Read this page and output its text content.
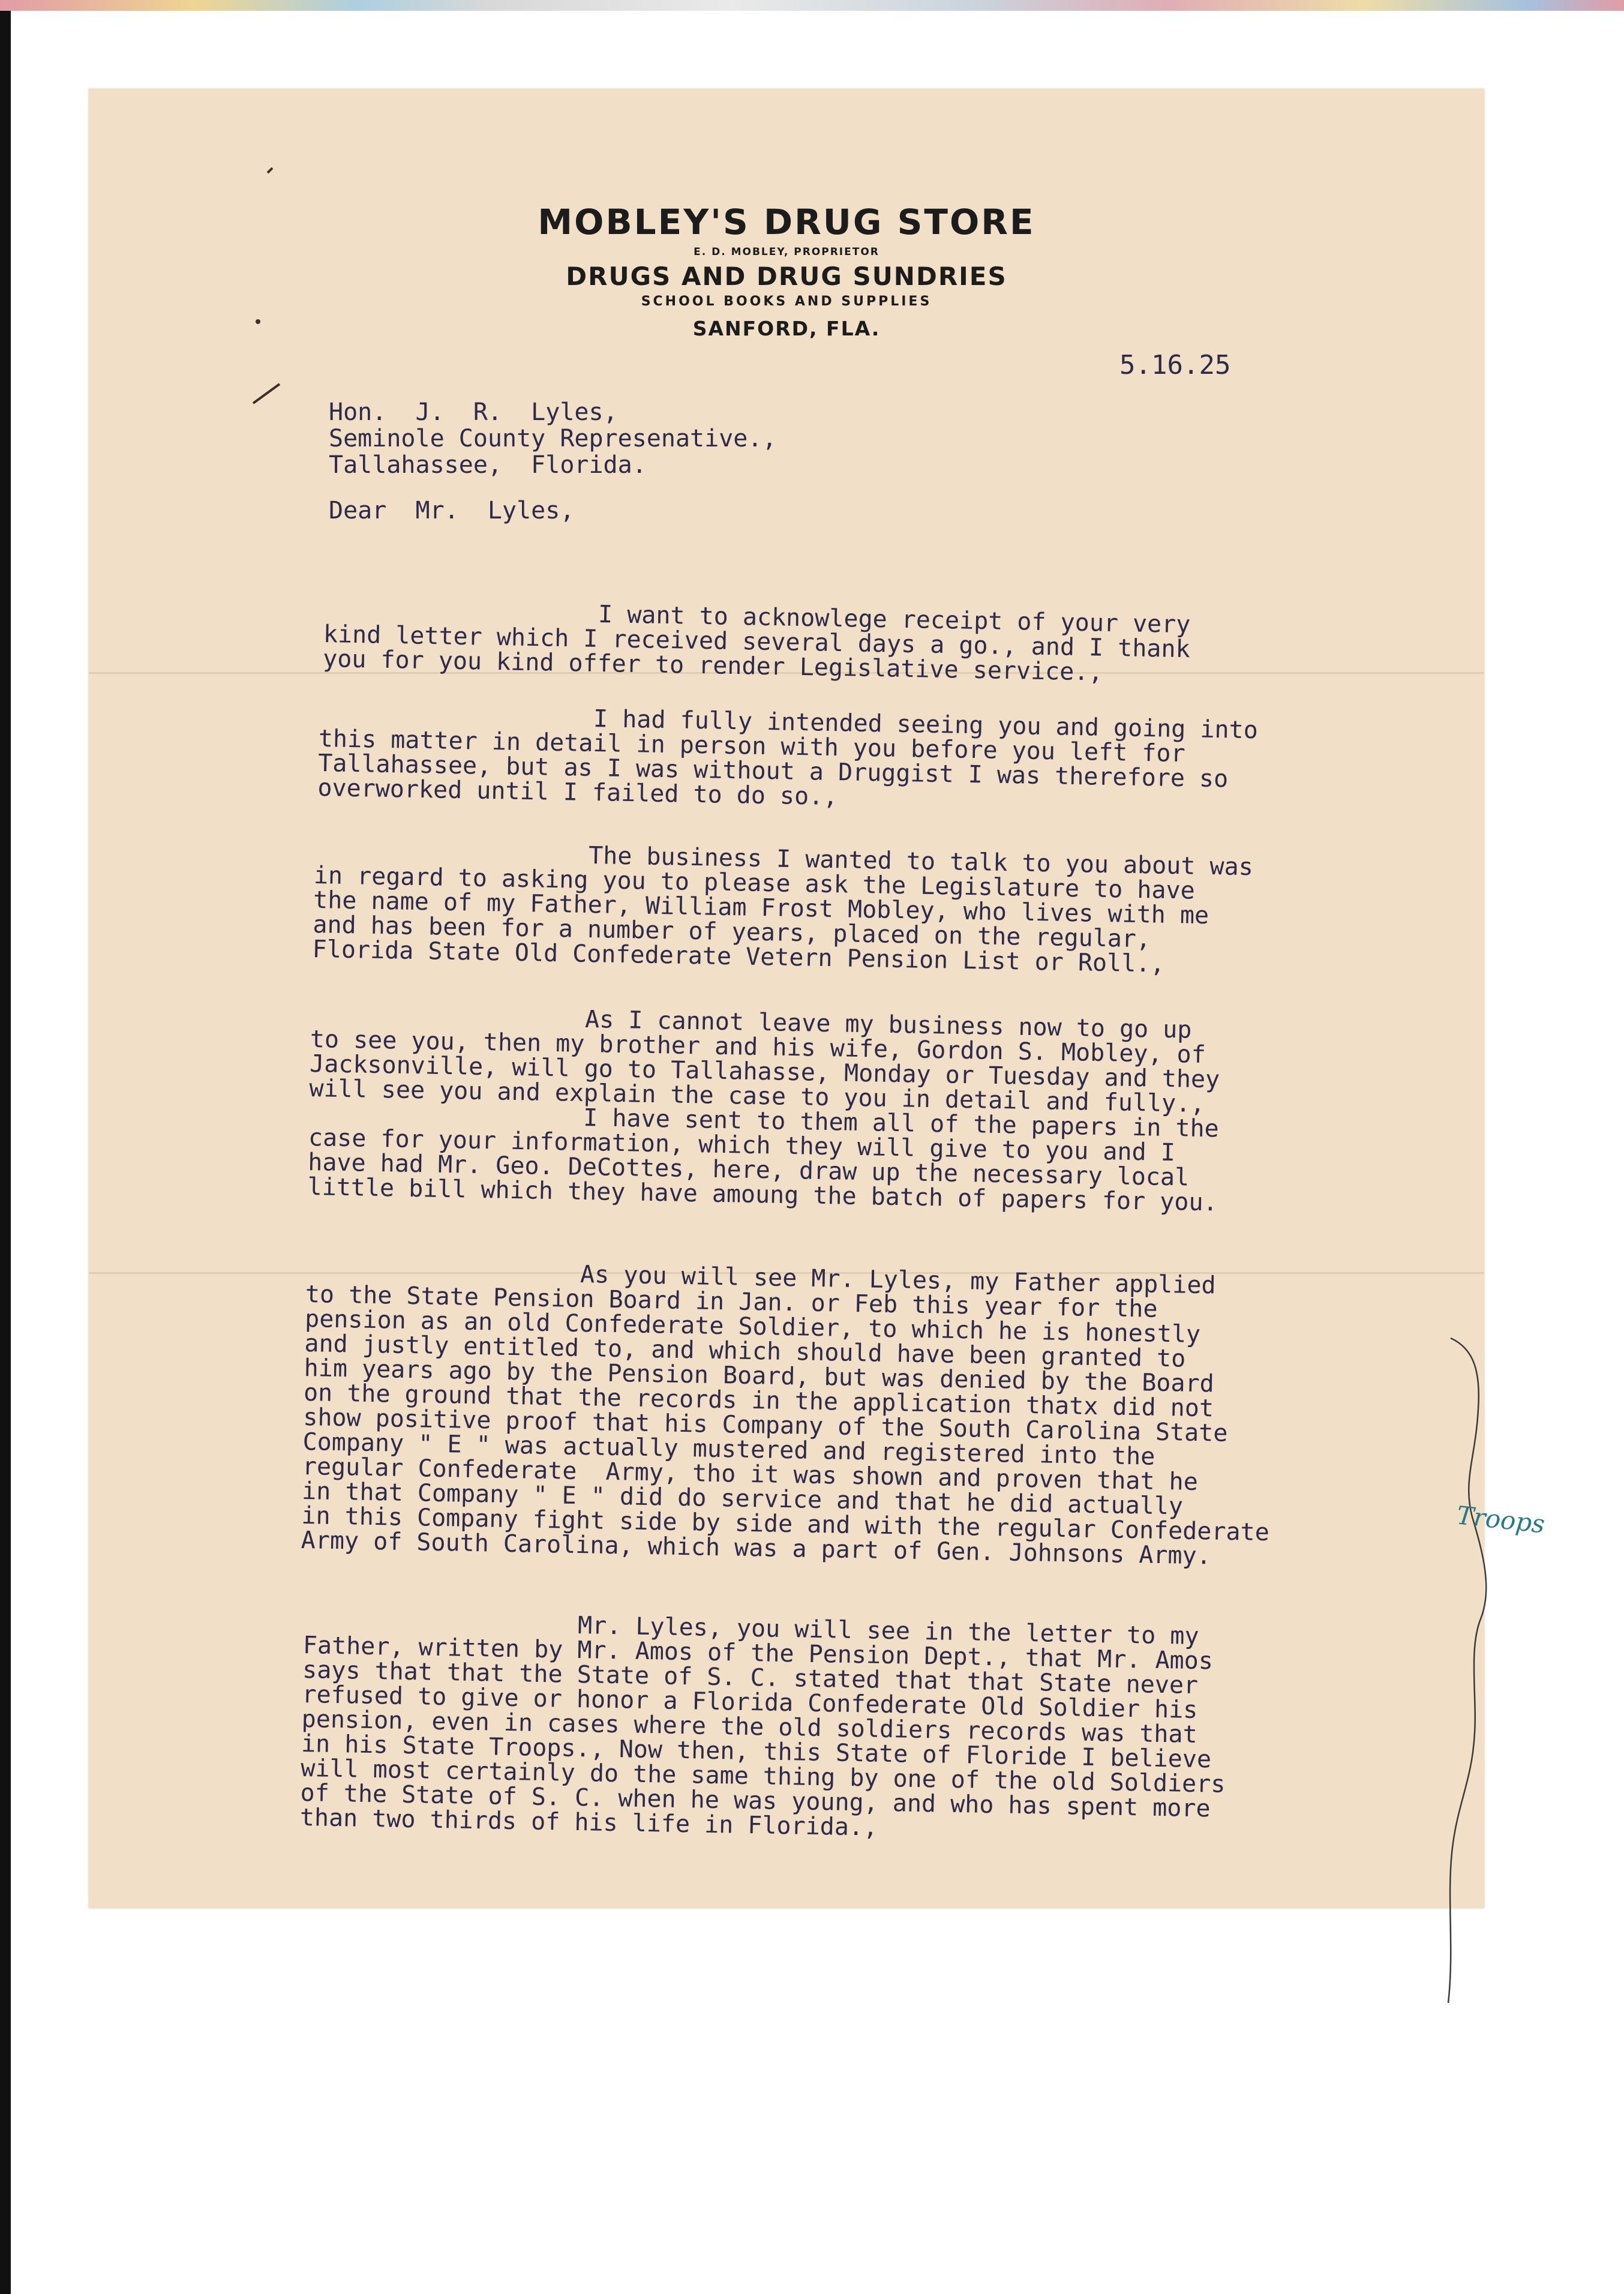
MOBLEY'S DRUG STORE
E. D. MOBLEY, PROPRIETOR
DRUGS AND DRUG SUNDRIES
SCHOOL BOOKS AND SUPPLIES
SANFORD, FLA.
5.16.25
Hon.  J.  R.  Lyles,
Seminole County Represenative.,
Tallahassee,  Florida.
Dear  Mr.  Lyles,
I want to acknowlege receipt of your very
kind letter which I received several days a go., and I thank
you for you kind offer to render Legislative service.,
I had fully intended seeing you and going into
this matter in detail in person with you before you left for
Tallahassee, but as I was without a Druggist I was therefore so
overworked until I failed to do so.,
The business I wanted to talk to you about was
in regard to asking you to please ask the Legislature to have
the name of my Father, William Frost Mobley, who lives with me
and has been for a number of years, placed on the regular,
Florida State Old Confederate Vetern Pension List or Roll.,
As I cannot leave my business now to go up
to see you, then my brother and his wife, Gordon S. Mobley, of
Jacksonville, will go to Tallahasse, Monday or Tuesday and they
will see you and explain the case to you in detail and fully.,
I have sent to them all of the papers in the
case for your information, which they will give to you and I
have had Mr. Geo. DeCottes, here, draw up the necessary local
little bill which they have amoung the batch of papers for you.
As you will see Mr. Lyles, my Father applied
to the State Pension Board in Jan. or Feb this year for the
pension as an old Confederate Soldier, to which he is honestly
and justly entitled to, and which should have been granted to
him years ago by the Pension Board, but was denied by the Board
on the ground that the records in the application thatx did not
show positive proof that his Company of the South Carolina State
Company " E " was actually mustered and registered into the
regular Confederate  Army, tho it was shown and proven that he
in that Company " E " did do service and that he did actually
in this Company fight side by side and with the regular Confederate
Army of South Carolina, which was a part of Gen. Johnsons Army.
Mr. Lyles, you will see in the letter to my
Father, written by Mr. Amos of the Pension Dept., that Mr. Amos
says that that the State of S. C. stated that that State never
refused to give or honor a Florida Confederate Old Soldier his
pension, even in cases where the old soldiers records was that
in his State Troops., Now then, this State of Floride I believe
will most certainly do the same thing by one of the old Soldiers
of the State of S. C. when he was young, and who has spent more
than two thirds of his life in Florida.,
Troops
